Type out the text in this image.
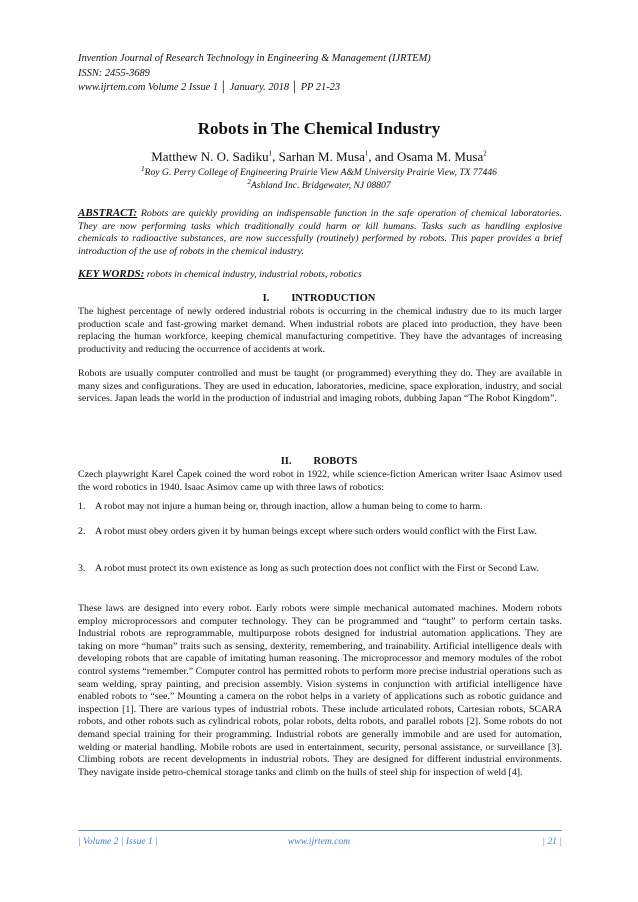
Invention Journal of Research Technology in Engineering & Management (IJRTEM)
ISSN: 2455-3689
www.ijrtem.com Volume 2 Issue 1 │ January. 2018 │ PP 21-23
Robots in The Chemical Industry
Matthew N. O. Sadiku$^1$, Sarhan M. Musa$^1$, and Osama M. Musa$^2$
$^1$Roy G. Perry College of Engineering Prairie View A&M University Prairie View, TX 77446
$^2$Ashland Inc. Bridgewater, NJ 08807
ABSTRACT: Robots are quickly providing an indispensable function in the safe operation of chemical laboratories. They are now performing tasks which traditionally could harm or kill humans. Tasks such as handling explosive chemicals to radioactive substances, are now successfully (routinely) performed by robots. This paper provides a brief introduction of the use of robots in the chemical industry.
KEY WORDS: robots in chemical industry, industrial robots, robotics
I. INTRODUCTION
The highest percentage of newly ordered industrial robots is occurring in the chemical industry due to its much larger production scale and fast-growing market demand. When industrial robots are placed into production, they have been replacing the human workforce, keeping chemical manufacturing competitive. They have the advantages of increasing productivity and reducing the occurrence of accidents at work.
Robots are usually computer controlled and must be taught (or programmed) everything they do. They are available in many sizes and configurations. They are used in education, laboratories, medicine, space exploration, industry, and social services. Japan leads the world in the production of industrial and imaging robots, dubbing Japan “The Robot Kingdom”.
II. ROBOTS
Czech playwright Karel Čapek coined the word robot in 1922, while science-fiction American writer Isaac Asimov used the word robotics in 1940. Isaac Asimov came up with three laws of robotics:
1. A robot may not injure a human being or, through inaction, allow a human being to come to harm.
2. A robot must obey orders given it by human beings except where such orders would conflict with the First Law.
3. A robot must protect its own existence as long as such protection does not conflict with the First or Second Law.
These laws are designed into every robot. Early robots were simple mechanical automated machines. Modern robots employ microprocessors and computer technology. They can be programmed and “taught” to perform certain tasks. Industrial robots are reprogrammable, multipurpose robots designed for industrial automation applications. They are taking on more “human” traits such as sensing, dexterity, remembering, and trainability. Artificial intelligence deals with developing robots that are capable of imitating human reasoning. The microprocessor and memory modules of the robot control systems “remember.” Computer control has permitted robots to perform more precise industrial operations such as seam welding, spray painting, and precision assembly. Vision systems in conjunction with artificial intelligence have enabled robots to “see.” Mounting a camera on the robot helps in a variety of applications such as robotic guidance and inspection [1]. There are various types of industrial robots. These include articulated robots, Cartesian robots, SCARA robots, and other robots such as cylindrical robots, polar robots, delta robots, and parallel robots [2]. Some robots do not demand special training for their programming. Industrial robots are generally immobile and are used for automation, welding or material handling. Mobile robots are used in entertainment, security, personal assistance, or surveillance [3]. Climbing robots are recent developments in industrial robots. They are designed for different industrial environments. They navigate inside petro-chemical storage tanks and climb on the hulls of steel ship for inspection of weld [4].
| Volume 2 | Issue 1 |	www.ijrtem.com	| 21 |
